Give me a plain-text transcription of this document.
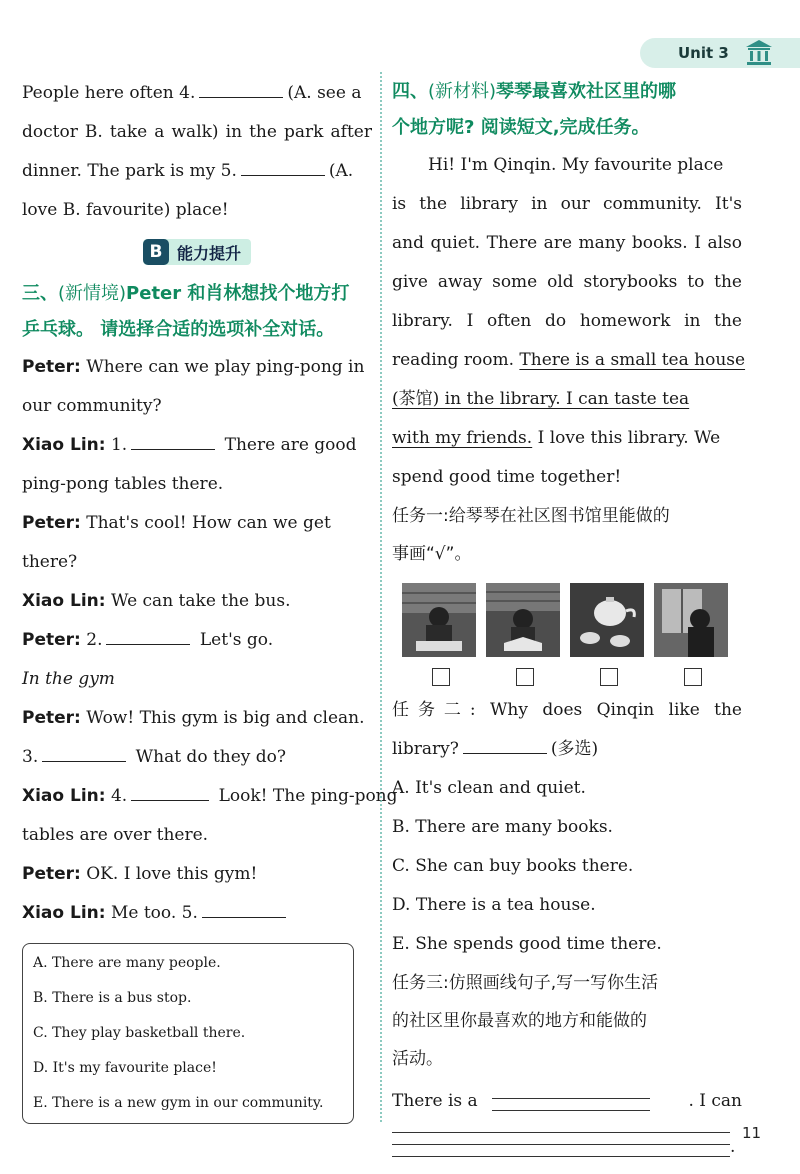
Unit 3
People here often 4.	(A. see a
doctor B. take a walk) in the park after
dinner. The park is my 5.	(A.
love B. favourite) place!
B 能力提升
三、(新情境)Peter 和肖林想找个地方打
乒乓球。 请选择合适的选项补全对话。
Peter: Where can we play ping-pong in
our community?
Xiao Lin: 1.	There are good
ping-pong tables there.
Peter: That's cool! How can we get
there?
Xiao Lin: We can take the bus.
Peter: 2.	Let's go.
In the gym
Peter: Wow! This gym is big and clean.
3.	What do they do?
Xiao Lin: 4.	Look! The ping-pong
tables are over there.
Peter: OK. I love this gym!
Xiao Lin: Me too. 5.
A. There are many people.
B. There is a bus stop.
C. They play basketball there.
D. It's my favourite place!
E. There is a new gym in our community.
四、(新材料)琴琴最喜欢社区里的哪
个地方呢? 阅读短文,完成任务。
Hi! I'm Qinqin. My favourite place
is the library in our community. It's
and quiet. There are many books. I also
give away some old storybooks to the
library. I often do homework in the
reading room. There is a small tea house
(茶馆) in the library. I can taste tea
with my friends. I love this library. We
spend good time together!
任务一:给琴琴在社区图书馆里能做的
事画“√”。
任务二: Why does Qinqin like the
library?	(多选)
A. It's clean and quiet.
B. There are many books.
C. She can buy books there.
D. There is a tea house.
E. She spends good time there.
任务三:仿照画线句子,写一写你生活
的社区里你最喜欢的地方和能做的
活动。
There is a	. I can
.
11
